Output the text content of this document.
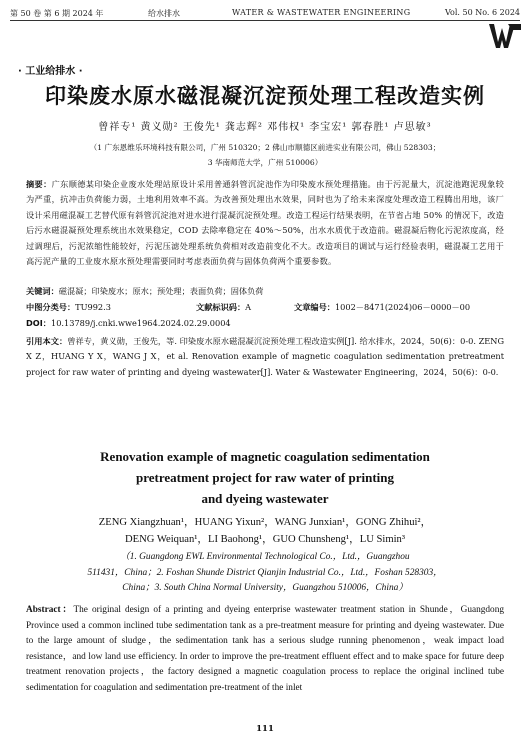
第 50 卷 第 6 期 2024 年	给水排水	WATER & WASTEWATER ENGINEERING	Vol. 50 No. 6 2024
· 工业给排水 ·
印染废水原水磁混凝沉淀预处理工程改造实例
曾祥专¹ 黄义勋² 王俊先¹ 龚志辉² 邓伟权¹ 李宝宏¹ 郭春胜¹ 卢思敏³
（1 广东恩维乐环境科技有限公司，广州 510320；2 佛山市顺德区前进实业有限公司，佛山 528303；
3 华南师范大学，广州 510006）
摘要：广东顺德某印染企业废水处理站原设计采用普通斜管沉淀池作为印染废水预处理措施。由于污泥量大，沉淀池跑泥现象较为严重，抗冲击负荷能力弱，土地利用效率不高。为改善预处理出水效果，同时也为了给未来深度处理改造工程腾出用地，该厂设计采用磁混凝工艺替代原有斜管沉淀池对进水进行混凝沉淀预处理。改造工程运行结果表明，在节省占地 50% 的情况下，改造后污水磁混凝预处理系统出水效果稳定，COD 去除率稳定在 40%～50%，出水水质优于改造前。磁混凝后物化污泥浓度高，经过调理后，污泥浓缩性能较好，污泥压滤处理系统负荷相对改造前变化不大。改造项目的调试与运行经验表明，磁混凝工艺用于高污泥产量的工业废水原水预处理需要同时考虑表面负荷与固体负荷两个重要参数。
关键词：磁混凝；印染废水；原水；预处理；表面负荷；固体负荷
中图分类号：TU992.3	文献标识码：A	文章编号：1002－8471(2024)06－0000－00
DOI：10.13789/j.cnki.wwe1964.2024.02.29.0004
引用本文：曾祥专，黄义勋，王俊先，等. 印染废水原水磁混凝沉淀预处理工程改造实例[J]. 给水排水，2024，50(6)：0-0. ZENG X Z，HUANG Y X，WANG J X，et al. Renovation example of magnetic coagulation sedimentation pretreatment project for raw water of printing and dyeing wastewater[J]. Water & Wastewater Engineering，2024，50(6)：0-0.
Renovation example of magnetic coagulation sedimentation
pretreatment project for raw water of printing
and dyeing wastewater
ZENG Xiangzhuan¹，HUANG Yixun²，WANG Junxian¹，GONG Zhihui²，
DENG Weiquan¹，LI Baohong¹，GUO Chunsheng¹，LU Simin³
（1. Guangdong EWL Environmental Technological Co.，Ltd.，Guangzhou
511431，China；2. Foshan Shunde District Qianjin Industrial Co.，Ltd.，Foshan 528303，
China；3. South China Normal University，Guangzhou 510006，China）
Abstract：The original design of a printing and dyeing enterprise wastewater treatment station in Shunde，Guangdong Province used a common inclined tube sedimentation tank as a pre-treatment measure for printing and dyeing wastewater. Due to the large amount of sludge，the sedimentation tank has a serious sludge running phenomenon，weak impact load resistance，and low land use efficiency. In order to improve the pre-treatment effluent effect and to make space for future deep treatment renovation projects，the factory designed a magnetic coagulation process to replace the original inclined tube sedimentation for coagulation and sedimentation pre-treatment of the inlet
111
